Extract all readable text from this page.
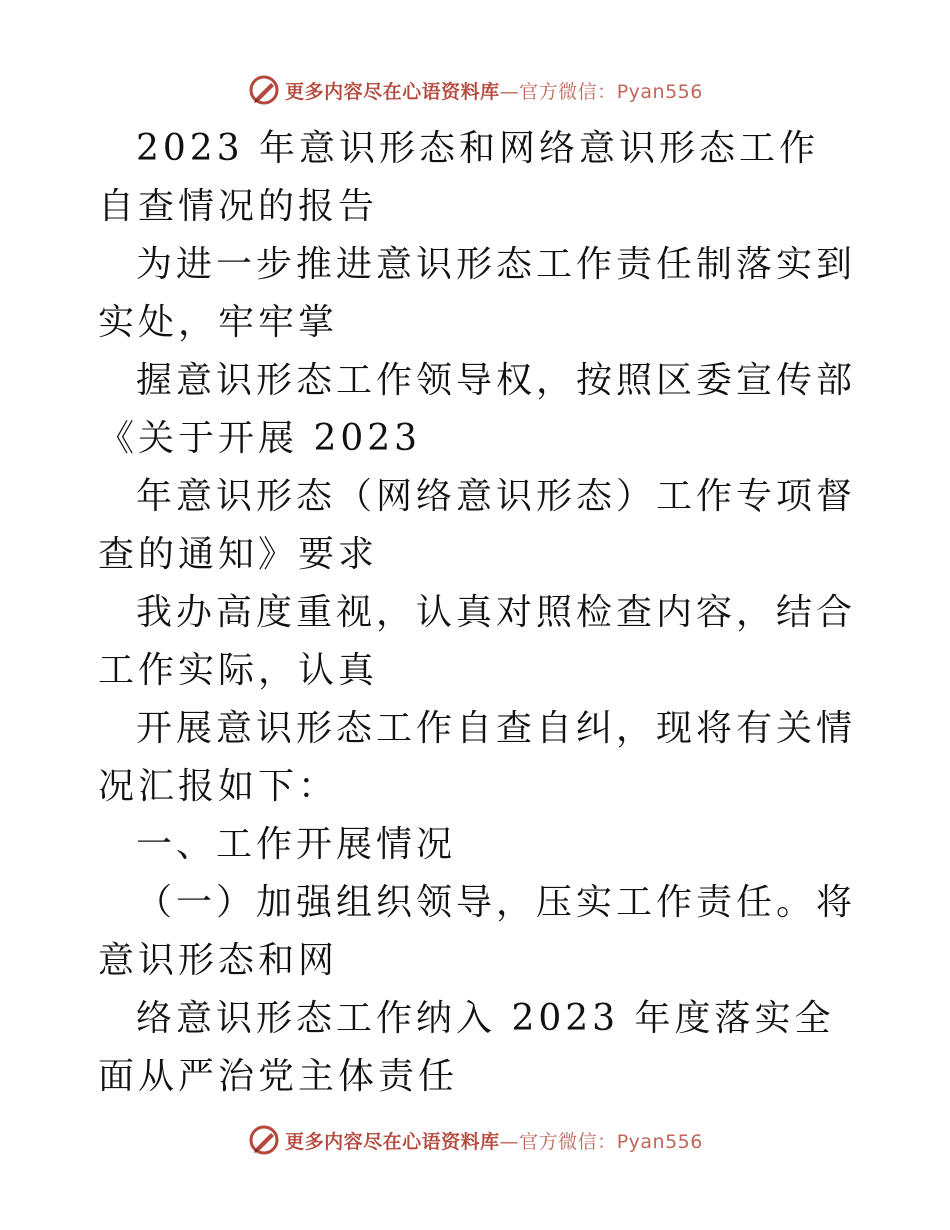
更多内容尽在心语资料库—官方微信：Pyan556

2023 年意识形态和网络意识形态工作自查情况的报告

为进一步推进意识形态工作责任制落实到实处，牢牢掌

握意识形态工作领导权，按照区委宣传部《关于开展 2023

年意识形态（网络意识形态）工作专项督查的通知》要求

我办高度重视，认真对照检查内容，结合工作实际，认真

开展意识形态工作自查自纠，现将有关情况汇报如下：

一、工作开展情况

（一）加强组织领导，压实工作责任。将意识形态和网

络意识形态工作纳入 2023 年度落实全面从严治党主体责任

更多内容尽在心语资料库—官方微信：Pyan556
